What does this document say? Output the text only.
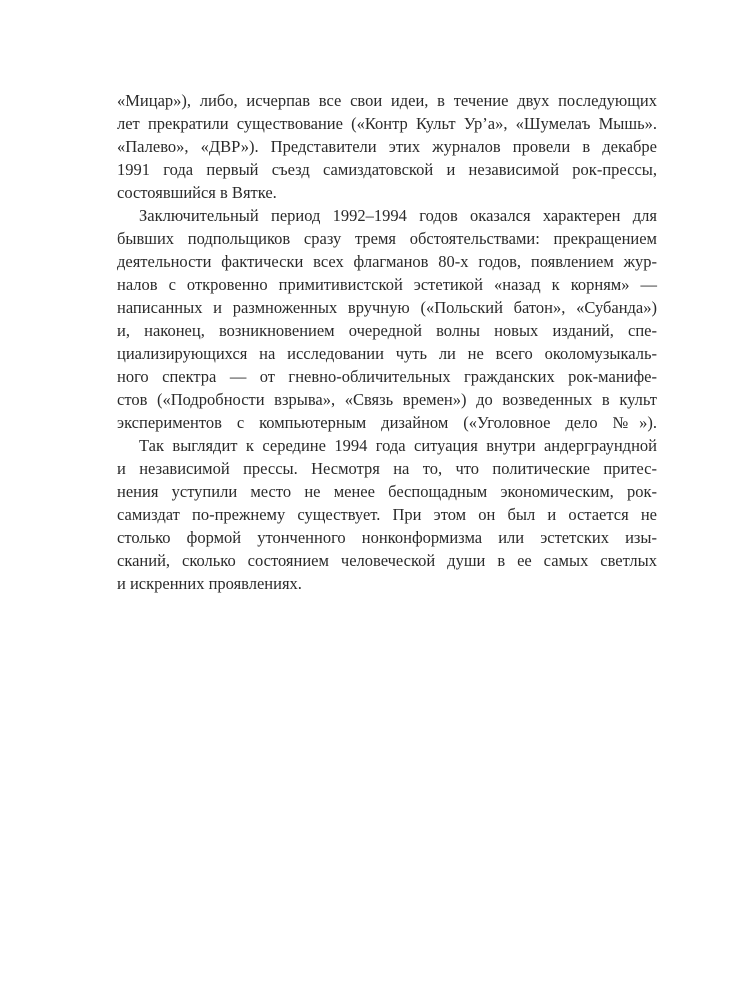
«Мицар»), либо, исчерпав все свои идеи, в течение двух последующих
лет прекратили существование («Контр Культ Ур’а», «Шумелаъ Мышь».
«Палево», «ДВР»). Представители этих журналов провели в декабре
1991 года первый съезд самиздатовской и независимой рок-прессы,
состоявшийся в Вятке.
Заключительный период 1992–1994 годов оказался характерен для
бывших подпольщиков сразу тремя обстоятельствами: прекращением
деятельности фактически всех флагманов 80-х годов, появлением жур-
налов с откровенно примитивистской эстетикой «назад к корням» —
написанных и размноженных вручную («Польский батон», «Субанда»)
и, наконец, возникновением очередной волны новых изданий, спе-
циализирующихся на исследовании чуть ли не всего околомузыкаль-
ного спектра — от гневно-обличительных гражданских рок-манифе-
стов («Подробности взрыва», «Связь времен») до возведенных в культ
экспериментов с компьютерным дизайном («Уголовное дело №»).
Так выглядит к середине 1994 года ситуация внутри андерграундной
и независимой прессы. Несмотря на то, что политические притес-
нения уступили место не менее беспощадным экономическим, рок-
самиздат по-прежнему существует. При этом он был и остается не
столько формой утонченного нонконформизма или эстетских изы-
сканий, сколько состоянием человеческой души в ее самых светлых
и искренних проявлениях.
